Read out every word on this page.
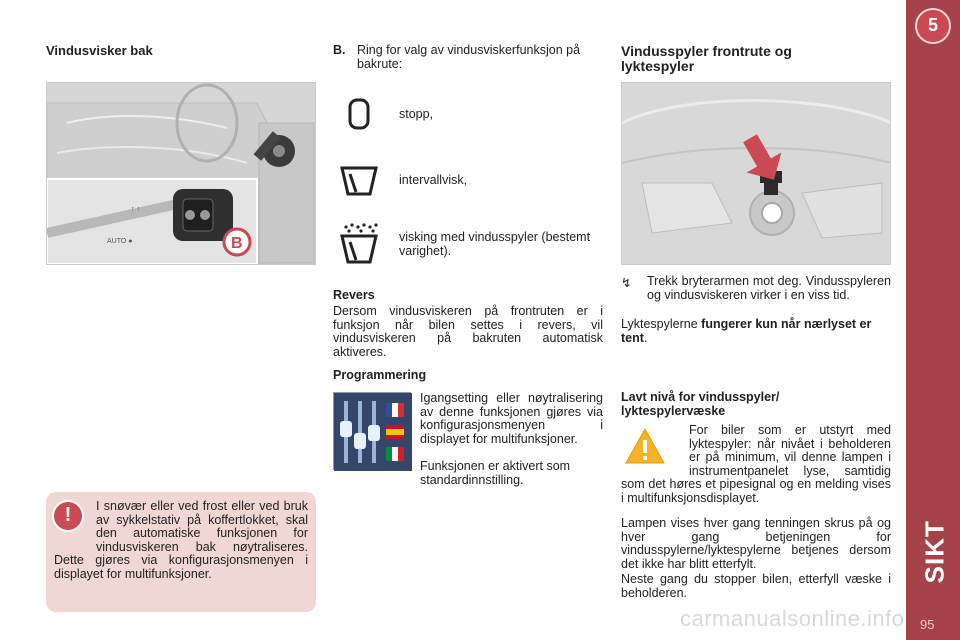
5
SIKT
95
Vindusvisker bak
AUTO ●
↑ ↑
B
!	I snøvær eller ved frost eller ved bruk av sykkelstativ på koffertlokket, skal den automatiske funksjonen for vindusviskeren bak nøytraliseres. Dette gjøres via konfigurasjonsmenyen i displayet for multifunksjoner.

B. Ring for valg av vindusviskerfunksjon på bakrute:
stopp,
intervallvisk,
visking med vindusspyler (bestemt varighet).
Revers

Dersom vindusviskeren på frontruten er i funksjon når bilen settes i revers, vil vindusviskeren på bakruten automatisk aktiveres.

Programmering

Igangsetting eller nøytralisering av denne funksjonen gjøres via konfigurasjonsmenyen i displayet for multifunksjoner.

Funksjonen er aktivert som standardinnstilling.

Vindusspyler frontrute og lyktespyler
↯ Trekk bryterarmen mot deg. Vindusspyleren og vindusviskeren virker i en viss tid.

Lyktespylerne fungerer kun når nærlyset er tent.
Lavt nivå for vindusspyler/ lyktespylervæske

For biler som er utstyrt med lyktespyler: når nivået i beholderen er på minimum, vil denne lampen i instrumentpanelet lyse, samtidig som det høres et pipesignal og en melding vises i multifunksjonsdisplayet.

Lampen vises hver gang tenningen skrus på og hver gang betjeningen for vindusspylerne/lyktespylerne betjenes dersom det ikke har blitt etterfylt.

Neste gang du stopper bilen, etterfyll væske i beholderen.

carmanualsonline.info
